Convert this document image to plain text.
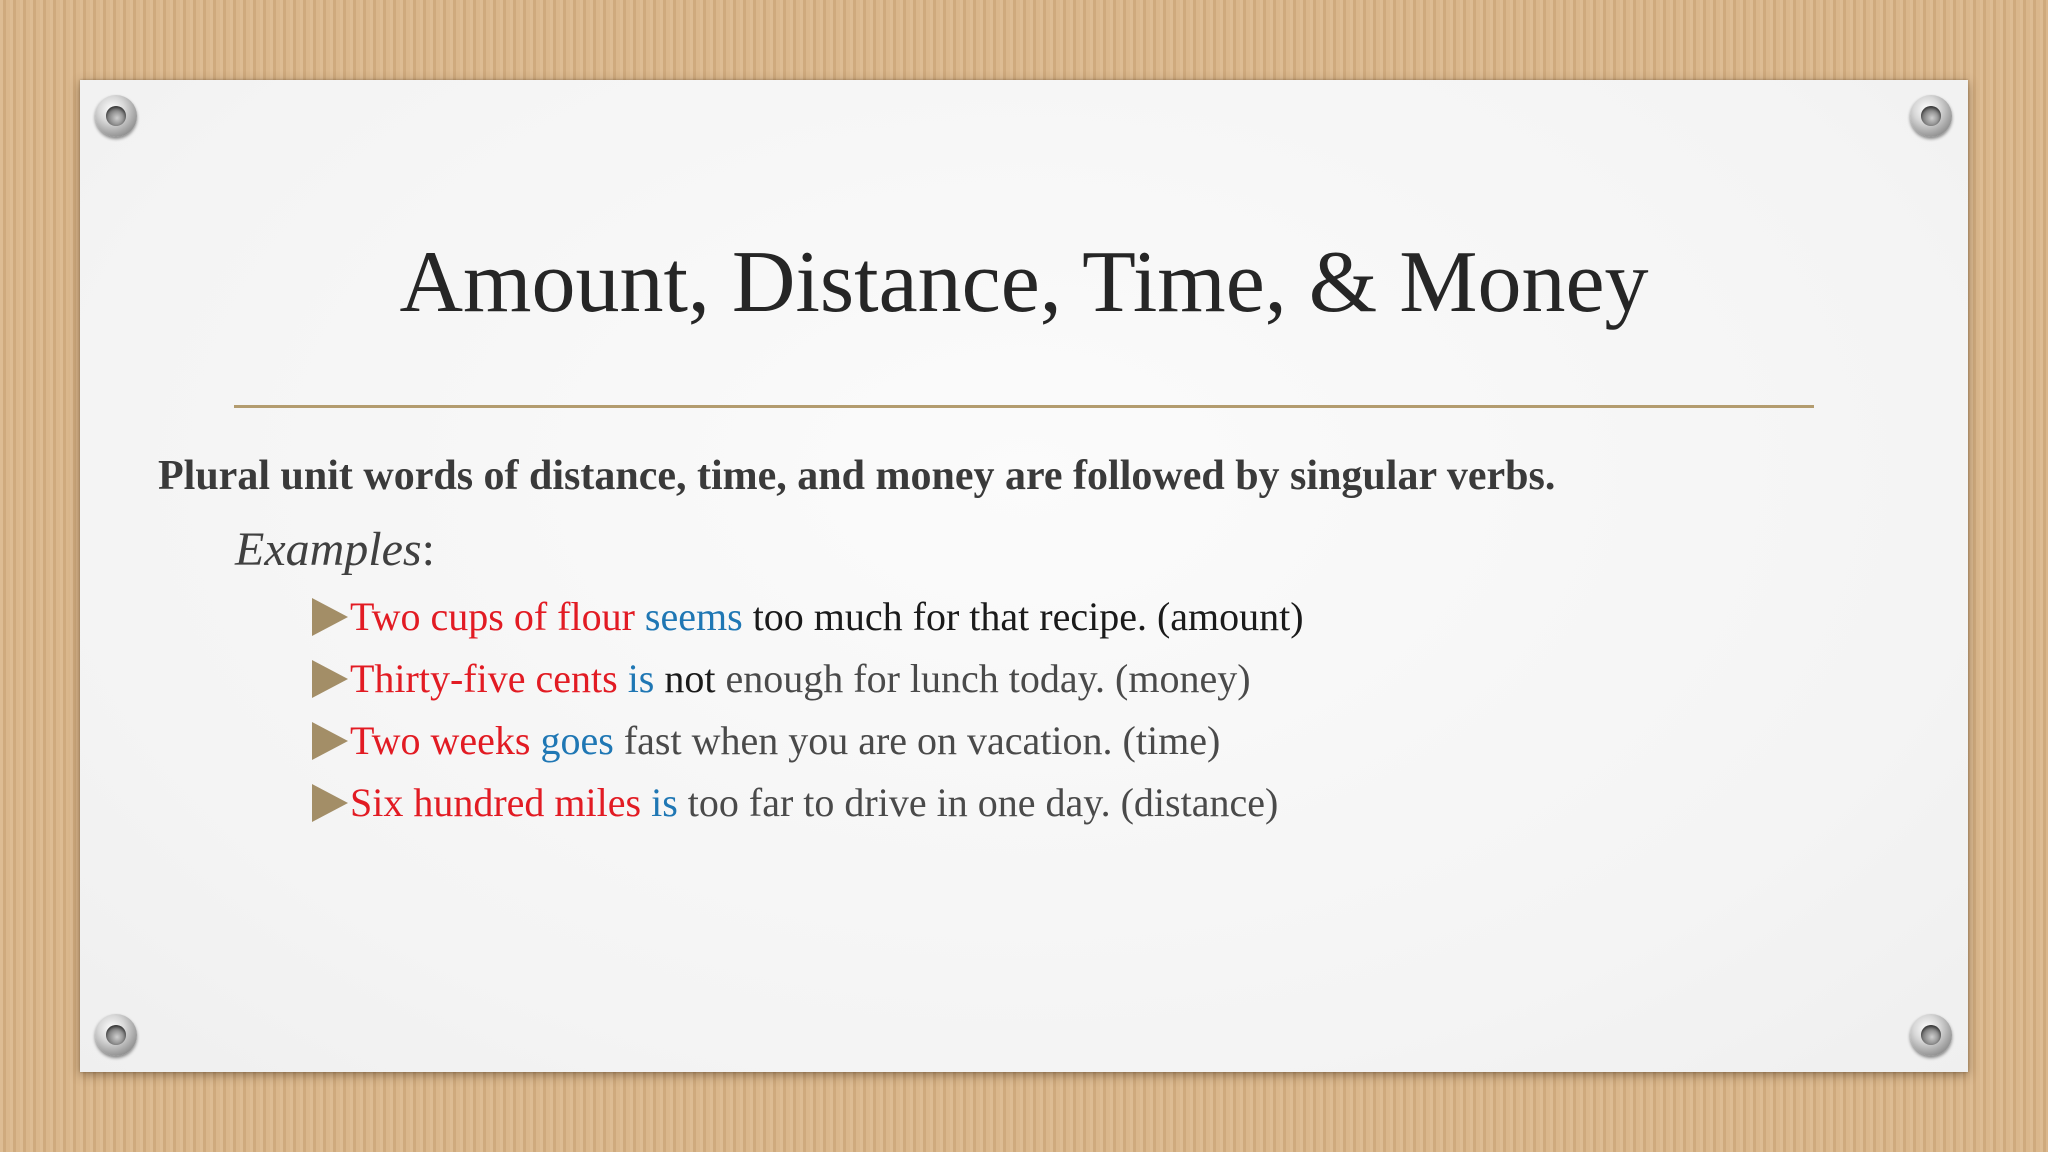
Amount, Distance, Time, & Money
Plural unit words of distance, time, and money are followed by singular verbs.
Examples:
Two cups of flour
seems
too much for that recipe. (amount)
Thirty-five cents
is
not
enough for lunch today. (money)
Two weeks
goes
fast when you are on vacation. (time)
Six hundred miles
is
too far to drive in one day. (distance)
